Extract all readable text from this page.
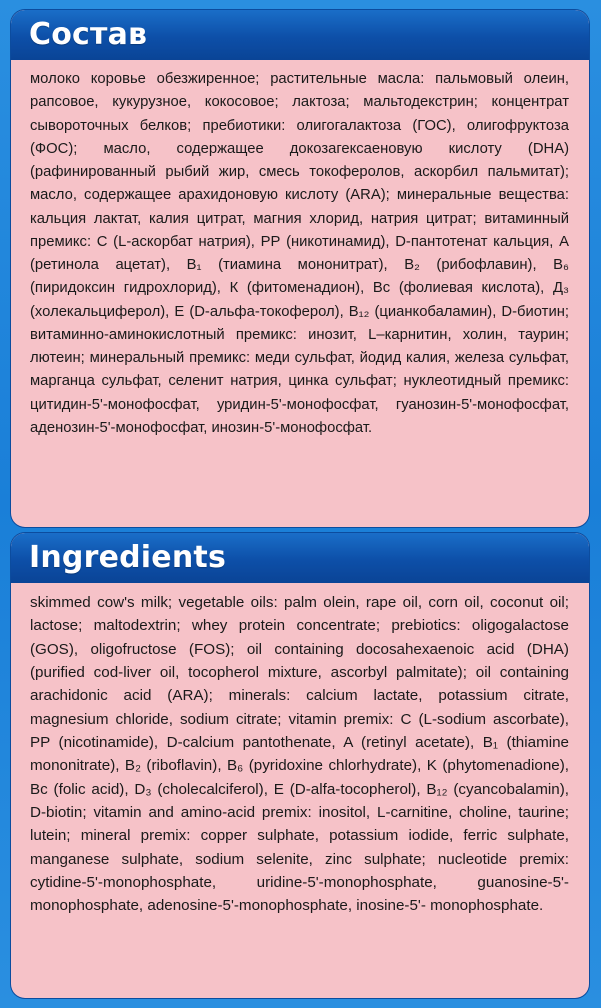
Состав

молоко коровье обезжиренное; растительные масла: пальмовый олеин, рапсовое, кукурузное, кокосовое; лактоза; мальтодекстрин; концентрат сывороточных белков; пребиотики: олигогалактоза (ГОС), олигофруктоза (ФОС); масло, содержащее докозагексаеновую кислоту (DHA) (рафинированный рыбий жир, смесь токоферолов, аскорбил пальмитат); масло, содержащее арахидоновую кислоту (ARA); минеральные вещества: кальция лактат, калия цитрат, магния хлорид, натрия цитрат; витаминный премикс: С (L-аскорбат натрия), РР (никотинамид), D-пантотенат кальция, А (ретинола ацетат), B₁ (тиамина мононитрат), B₂ (рибофлавин), B₆ (пиридоксин гидрохлорид), К (фитоменадион), Bс (фолиевая кислота), Д₃ (холекальциферол), Е (D-альфа-токоферол), B₁₂ (цианкобаламин), D-биотин; витаминно-аминокислотный премикс: инозит, L–карнитин, холин, таурин; лютеин; минеральный премикс: меди сульфат, йодид калия, железа сульфат, марганца сульфат, селенит натрия, цинка сульфат; нуклеотидный премикс: цитидин-5'-монофосфат, уридин-5'-монофосфат, гуанозин-5'-монофосфат, аденозин-5'-монофосфат, инозин-5'-монофосфат.

Ingredients

skimmed cow's milk; vegetable oils: palm olein, rape oil, corn oil, coconut oil; lactose; maltodextrin; whey protein concentrate; prebiotics: oligogalactose (GOS), oligofructose (FOS); oil containing docosahexaenoic acid (DHA) (purified cod-liver oil, tocopherol mixture, ascorbyl palmitate); oil containing arachidonic acid (ARA); minerals: calcium lactate, potassium citrate, magnesium chloride, sodium citrate; vitamin premix: C (L-sodium ascorbate), PP (nicotinamide), D-calcium pantothenate, A (retinyl acetate), B₁ (thiamine mononitrate), B₂ (riboflavin), B₆ (pyridoxine chlorhydrate), K (phytomenadione), Bс (folic acid), D₃ (cholecalciferol), E (D-alfa-tocopherol), B₁₂ (cyancobalamin), D-biotin; vitamin and amino-acid premix: inositol, L-carnitine, choline, taurine; lutein; mineral premix: copper sulphate, potassium iodide, ferric sulphate, manganese sulphate, sodium selenite, zinc sulphate; nucleotide premix: cytidine-5'-monophosphate, uridine-5'-monophosphate, guanosine-5'-monophosphate, adenosine-5'-monophosphate, inosine-5'- monophosphate.
